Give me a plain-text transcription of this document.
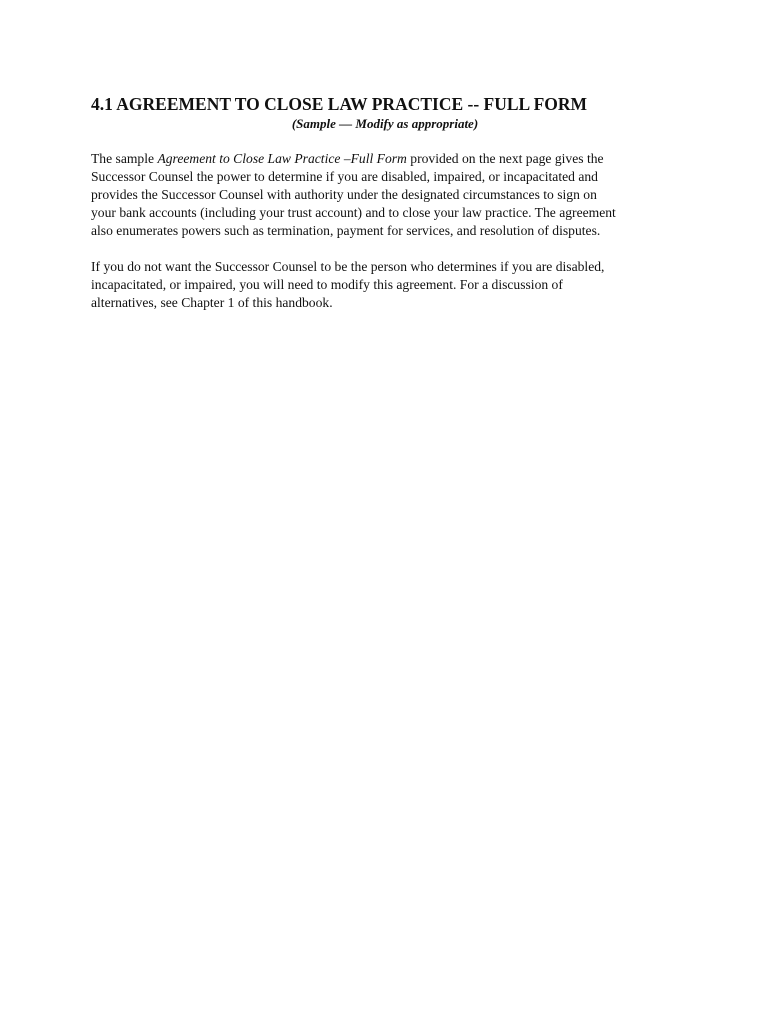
4.1 AGREEMENT TO CLOSE LAW PRACTICE -- FULL FORM
(Sample — Modify as appropriate)

The sample Agreement to Close Law Practice –Full Form provided on the next page gives the
Successor Counsel the power to determine if you are disabled, impaired, or incapacitated and
provides the Successor Counsel with authority under the designated circumstances to sign on
your bank accounts (including your trust account) and to close your law practice. The agreement
also enumerates powers such as termination, payment for services, and resolution of disputes.

If you do not want the Successor Counsel to be the person who determines if you are disabled,
incapacitated, or impaired, you will need to modify this agreement. For a discussion of
alternatives, see Chapter 1 of this handbook.
